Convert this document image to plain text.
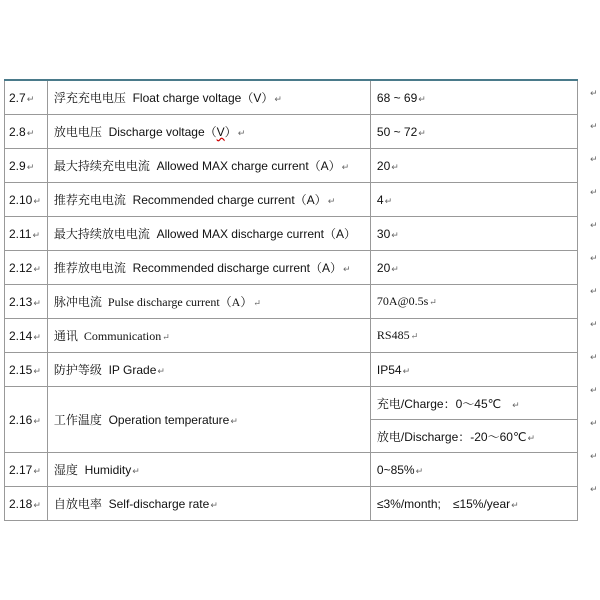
2.7↵	浮充充电电压 Float charge voltage（V）↵	68 ~ 69↵
2.8↵	放电电压 Discharge voltage（V）↵	50 ~ 72↵
2.9↵	最大持续充电电流 Allowed MAX charge current（A）↵	20↵
2.10↵	推荐充电电流 Recommended charge current（A）↵	4↵
2.11↵	最大持续放电电流 Allowed MAX discharge current（A）	30↵
2.12↵	推荐放电电流 Recommended discharge current（A）↵	20↵
2.13↵	脉冲电流 Pulse discharge current（A）↵	70A@0.5s↵
2.14↵	通讯 Communication↵	RS485↵
2.15↵	防护等级 IP Grade↵	IP54↵
2.16↵	工作温度 Operation temperature↵	充电/Charge：0～45℃ ↵
		放电/Discharge：-20～60℃↵
2.17↵	湿度 Humidity↵	0~85%↵
2.18↵	自放电率 Self-discharge rate↵	≤3%/month;　≤15%/year↵
↵
↵
↵
↵
↵
↵
↵
↵
↵
↵
↵
↵
↵
